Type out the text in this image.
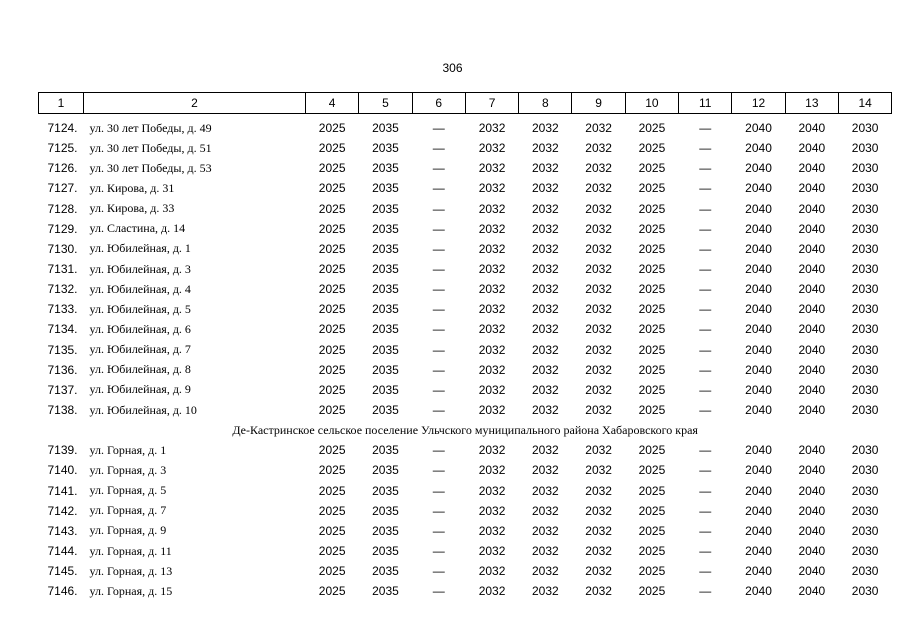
306
1	2	4	5	6	7	8	9	10	11	12	13	14
7124.	ул. 30 лет Победы, д. 49	2025	2035	—	2032	2032	2032	2025	—	2040	2040	2030
7125.	ул. 30 лет Победы, д. 51	2025	2035	—	2032	2032	2032	2025	—	2040	2040	2030
7126.	ул. 30 лет Победы, д. 53	2025	2035	—	2032	2032	2032	2025	—	2040	2040	2030
7127.	ул. Кирова, д. 31	2025	2035	—	2032	2032	2032	2025	—	2040	2040	2030
7128.	ул. Кирова, д. 33	2025	2035	—	2032	2032	2032	2025	—	2040	2040	2030
7129.	ул. Сластина, д. 14	2025	2035	—	2032	2032	2032	2025	—	2040	2040	2030
7130.	ул. Юбилейная, д. 1	2025	2035	—	2032	2032	2032	2025	—	2040	2040	2030
7131.	ул. Юбилейная, д. 3	2025	2035	—	2032	2032	2032	2025	—	2040	2040	2030
7132.	ул. Юбилейная, д. 4	2025	2035	—	2032	2032	2032	2025	—	2040	2040	2030
7133.	ул. Юбилейная, д. 5	2025	2035	—	2032	2032	2032	2025	—	2040	2040	2030
7134.	ул. Юбилейная, д. 6	2025	2035	—	2032	2032	2032	2025	—	2040	2040	2030
7135.	ул. Юбилейная, д. 7	2025	2035	—	2032	2032	2032	2025	—	2040	2040	2030
7136.	ул. Юбилейная, д. 8	2025	2035	—	2032	2032	2032	2025	—	2040	2040	2030
7137.	ул. Юбилейная, д. 9	2025	2035	—	2032	2032	2032	2025	—	2040	2040	2030
7138.	ул. Юбилейная, д. 10	2025	2035	—	2032	2032	2032	2025	—	2040	2040	2030
Де-Кастринское сельское поселение Ульчского муниципального района Хабаровского края												
7139.	ул. Горная, д. 1	2025	2035	—	2032	2032	2032	2025	—	2040	2040	2030
7140.	ул. Горная, д. 3	2025	2035	—	2032	2032	2032	2025	—	2040	2040	2030
7141.	ул. Горная, д. 5	2025	2035	—	2032	2032	2032	2025	—	2040	2040	2030
7142.	ул. Горная, д. 7	2025	2035	—	2032	2032	2032	2025	—	2040	2040	2030
7143.	ул. Горная, д. 9	2025	2035	—	2032	2032	2032	2025	—	2040	2040	2030
7144.	ул. Горная, д. 11	2025	2035	—	2032	2032	2032	2025	—	2040	2040	2030
7145.	ул. Горная, д. 13	2025	2035	—	2032	2032	2032	2025	—	2040	2040	2030
7146.	ул. Горная, д. 15	2025	2035	—	2032	2032	2032	2025	—	2040	2040	2030
